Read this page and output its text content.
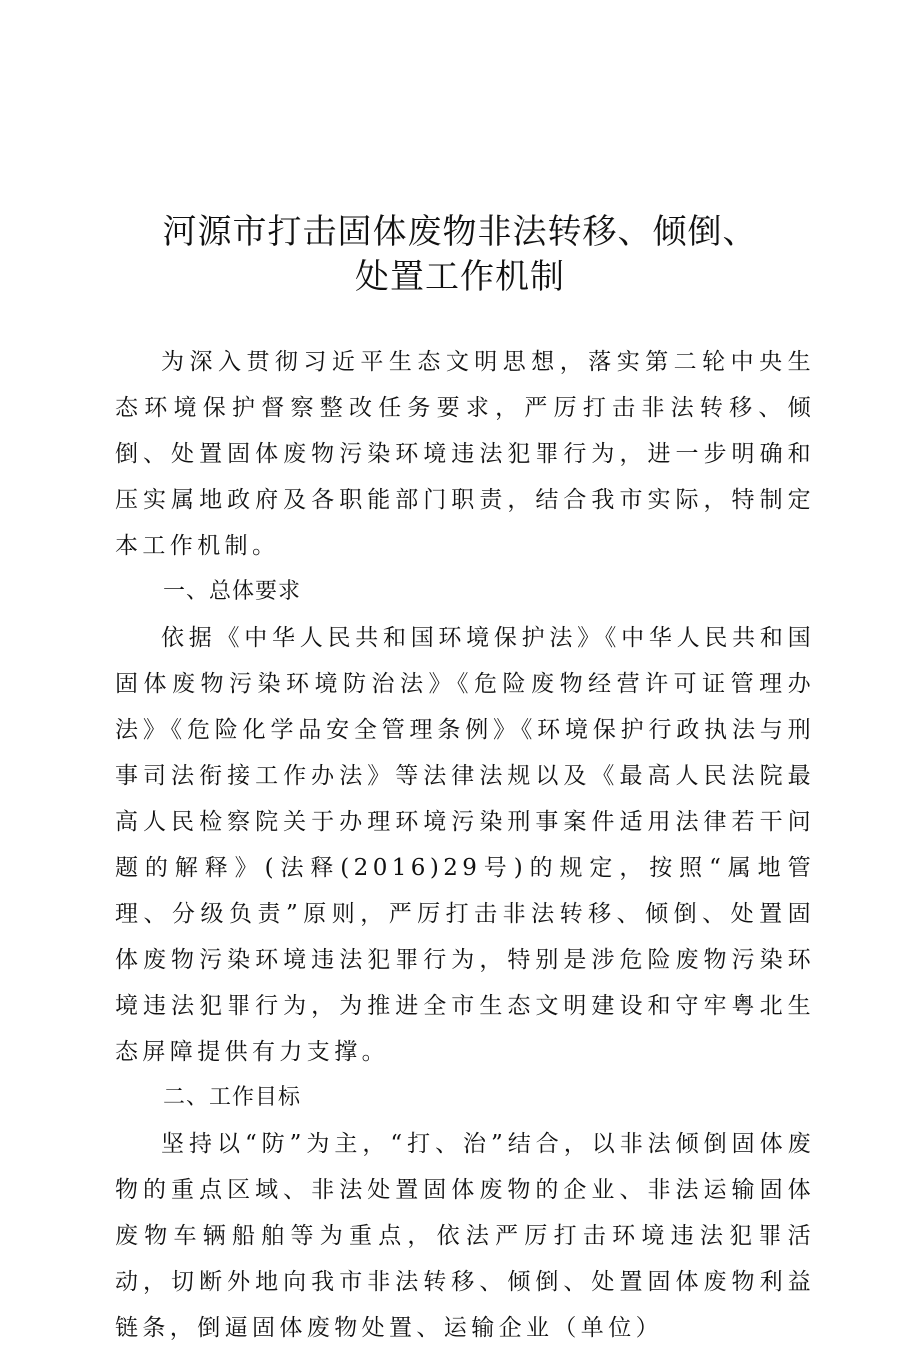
河源市打击固体废物非法转移、倾倒、
处置工作机制

为深入贯彻习近平生态文明思想，落实第二轮中央生态环境保护督察整改任务要求，严厉打击非法转移、倾倒、处置固体废物污染环境违法犯罪行为，进一步明确和压实属地政府及各职能部门职责，结合我市实际，特制定本工作机制。

一、总体要求

依据《中华人民共和国环境保护法》《中华人民共和国固体废物污染环境防治法》《危险废物经营许可证管理办法》《危险化学品安全管理条例》《环境保护行政执法与刑事司法衔接工作办法》等法律法规以及《最高人民法院最高人民检察院关于办理环境污染刑事案件适用法律若干问题的解释》(法释(2016)29号)的规定，按照“属地管理、分级负责”原则，严厉打击非法转移、倾倒、处置固体废物污染环境违法犯罪行为，特别是涉危险废物污染环境违法犯罪行为，为推进全市生态文明建设和守牢粤北生态屏障提供有力支撑。

二、工作目标

坚持以“防”为主，“打、治”结合，以非法倾倒固体废物的重点区域、非法处置固体废物的企业、非法运输固体废物车辆船舶等为重点，依法严厉打击环境违法犯罪活动，切断外地向我市非法转移、倾倒、处置固体废物利益链条，倒逼固体废物处置、运输企业（单位）
